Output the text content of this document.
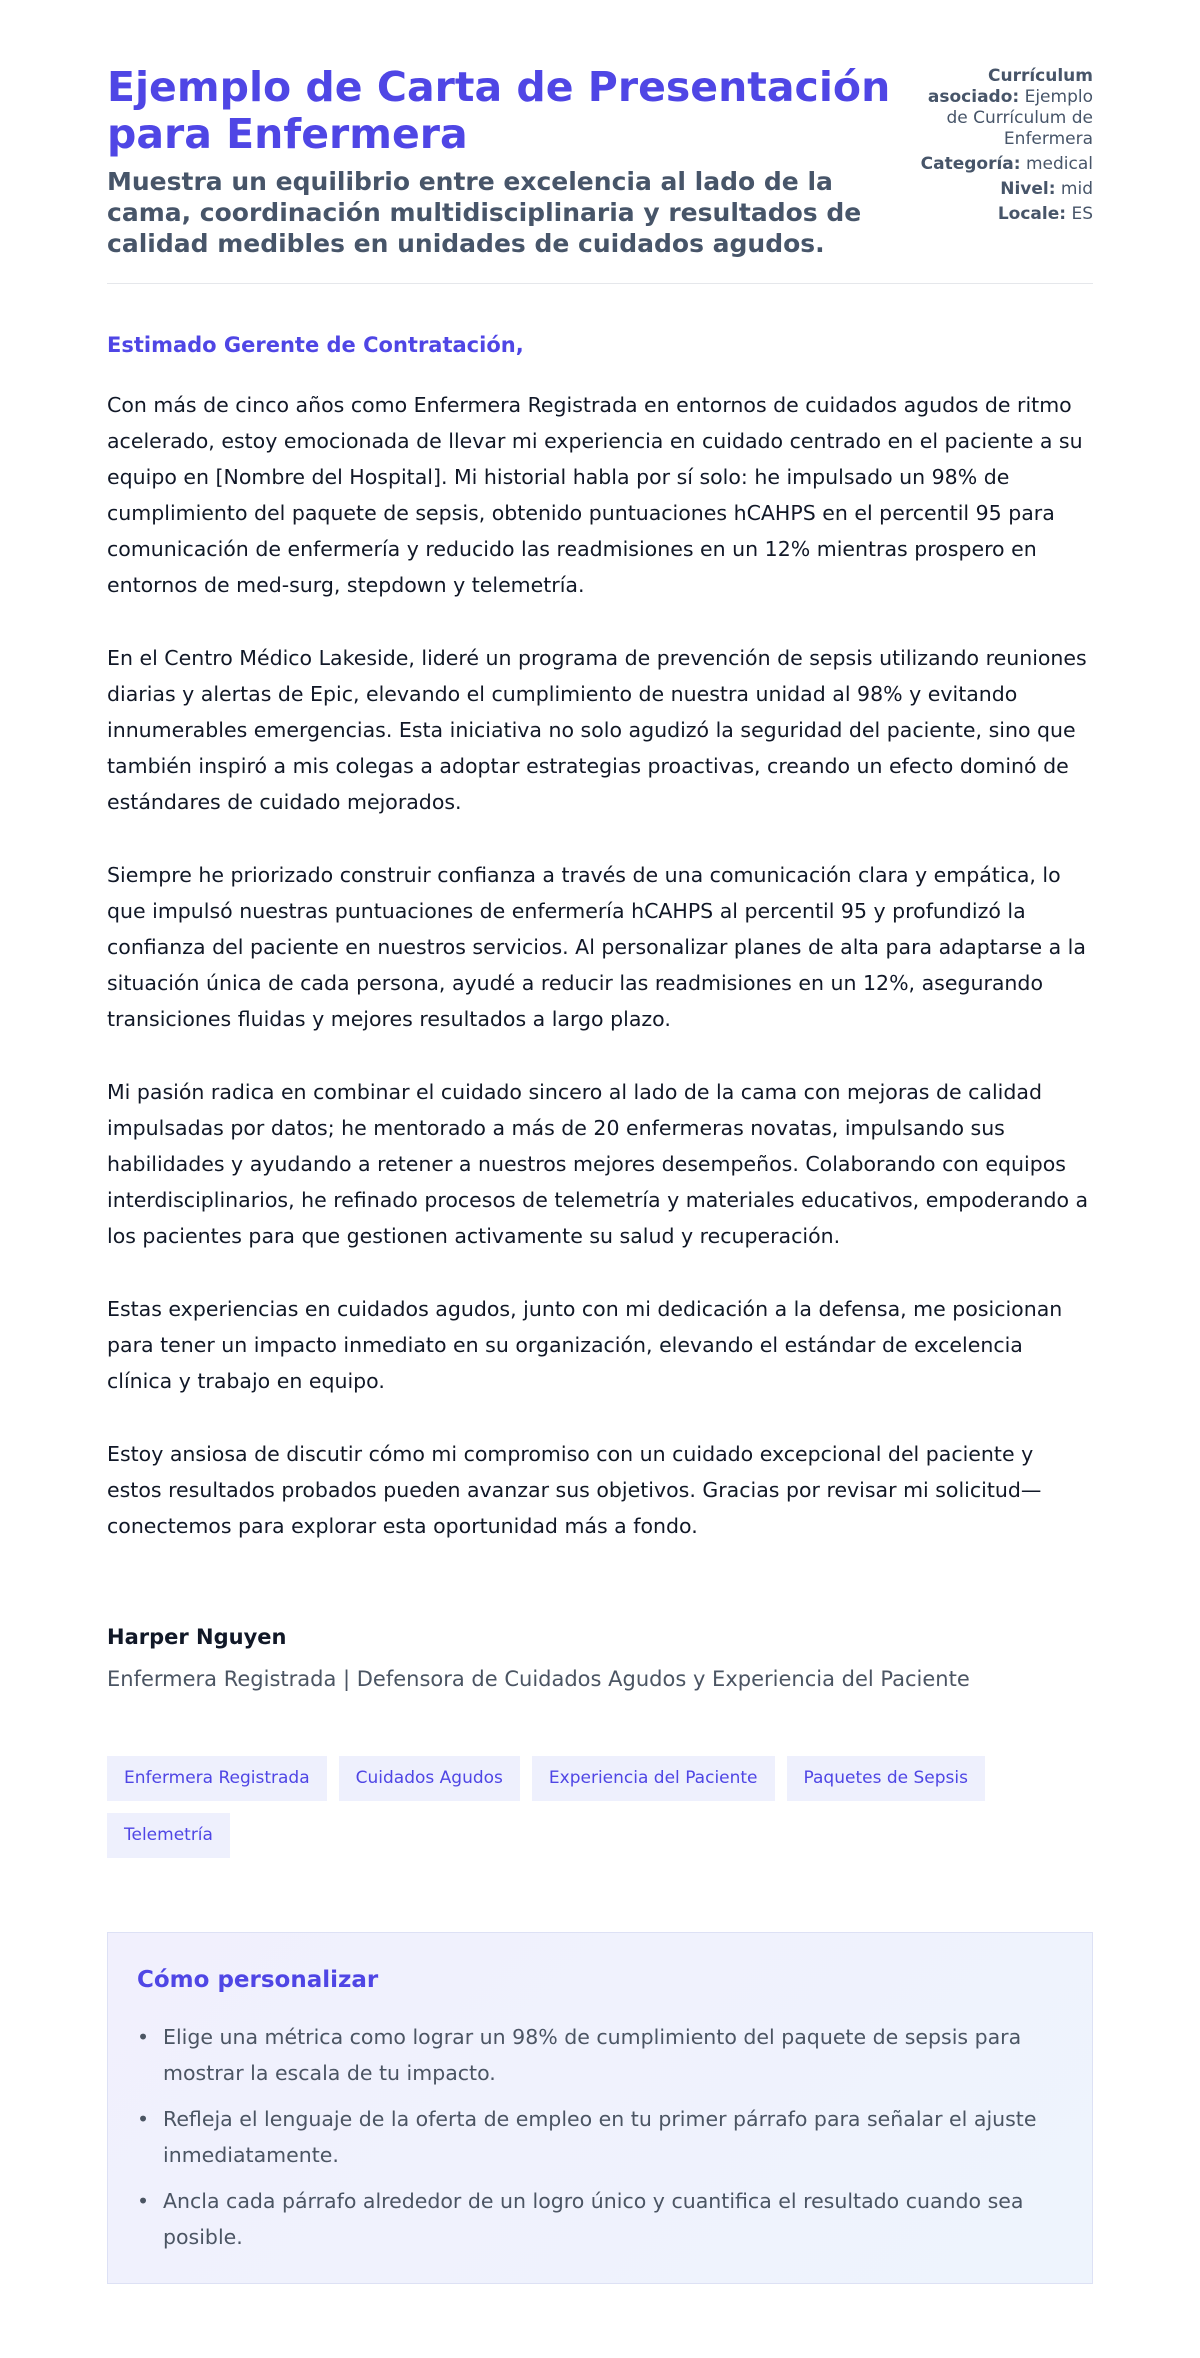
Ejemplo de Carta de Presentación para Enfermera
Muestra un equilibrio entre excelencia al lado de la cama, coordinación multidisciplinaria y resultados de calidad medibles en unidades de cuidados agudos.
Currículum asociado: Ejemplo de Currículum de Enfermera
Categoría: medical
Nivel: mid
Locale: ES
Estimado Gerente de Contratación,

Con más de cinco años como Enfermera Registrada en entornos de cuidados agudos de ritmo acelerado, estoy emocionada de llevar mi experiencia en cuidado centrado en el paciente a su equipo en [Nombre del Hospital]. Mi historial habla por sí solo: he impulsado un 98% de cumplimiento del paquete de sepsis, obtenido puntuaciones hCAHPS en el percentil 95 para comunicación de enfermería y reducido las readmisiones en un 12% mientras prospero en entornos de med-surg, stepdown y telemetría.

En el Centro Médico Lakeside, lideré un programa de prevención de sepsis utilizando reuniones diarias y alertas de Epic, elevando el cumplimiento de nuestra unidad al 98% y evitando innumerables emergencias. Esta iniciativa no solo agudizó la seguridad del paciente, sino que también inspiró a mis colegas a adoptar estrategias proactivas, creando un efecto dominó de estándares de cuidado mejorados.

Siempre he priorizado construir confianza a través de una comunicación clara y empática, lo que impulsó nuestras puntuaciones de enfermería hCAHPS al percentil 95 y profundizó la confianza del paciente en nuestros servicios. Al personalizar planes de alta para adaptarse a la situación única de cada persona, ayudé a reducir las readmisiones en un 12%, asegurando transiciones fluidas y mejores resultados a largo plazo.

Mi pasión radica en combinar el cuidado sincero al lado de la cama con mejoras de calidad impulsadas por datos; he mentorado a más de 20 enfermeras novatas, impulsando sus habilidades y ayudando a retener a nuestros mejores desempeños. Colaborando con equipos interdisciplinarios, he refinado procesos de telemetría y materiales educativos, empoderando a los pacientes para que gestionen activamente su salud y recuperación.

Estas experiencias en cuidados agudos, junto con mi dedicación a la defensa, me posicionan para tener un impacto inmediato en su organización, elevando el estándar de excelencia clínica y trabajo en equipo.

Estoy ansiosa de discutir cómo mi compromiso con un cuidado excepcional del paciente y estos resultados probados pueden avanzar sus objetivos. Gracias por revisar mi solicitud—conectemos para explorar esta oportunidad más a fondo.

Harper Nguyen
Enfermera Registrada | Defensora de Cuidados Agudos y Experiencia del Paciente
Enfermera Registrada	Cuidados Agudos	Experiencia del Paciente	Paquetes de Sepsis
Telemetría
Cómo personalizar
• Elige una métrica como lograr un 98% de cumplimiento del paquete de sepsis para mostrar la escala de tu impacto.
• Refleja el lenguaje de la oferta de empleo en tu primer párrafo para señalar el ajuste inmediatamente.
• Ancla cada párrafo alrededor de un logro único y cuantifica el resultado cuando sea posible.
